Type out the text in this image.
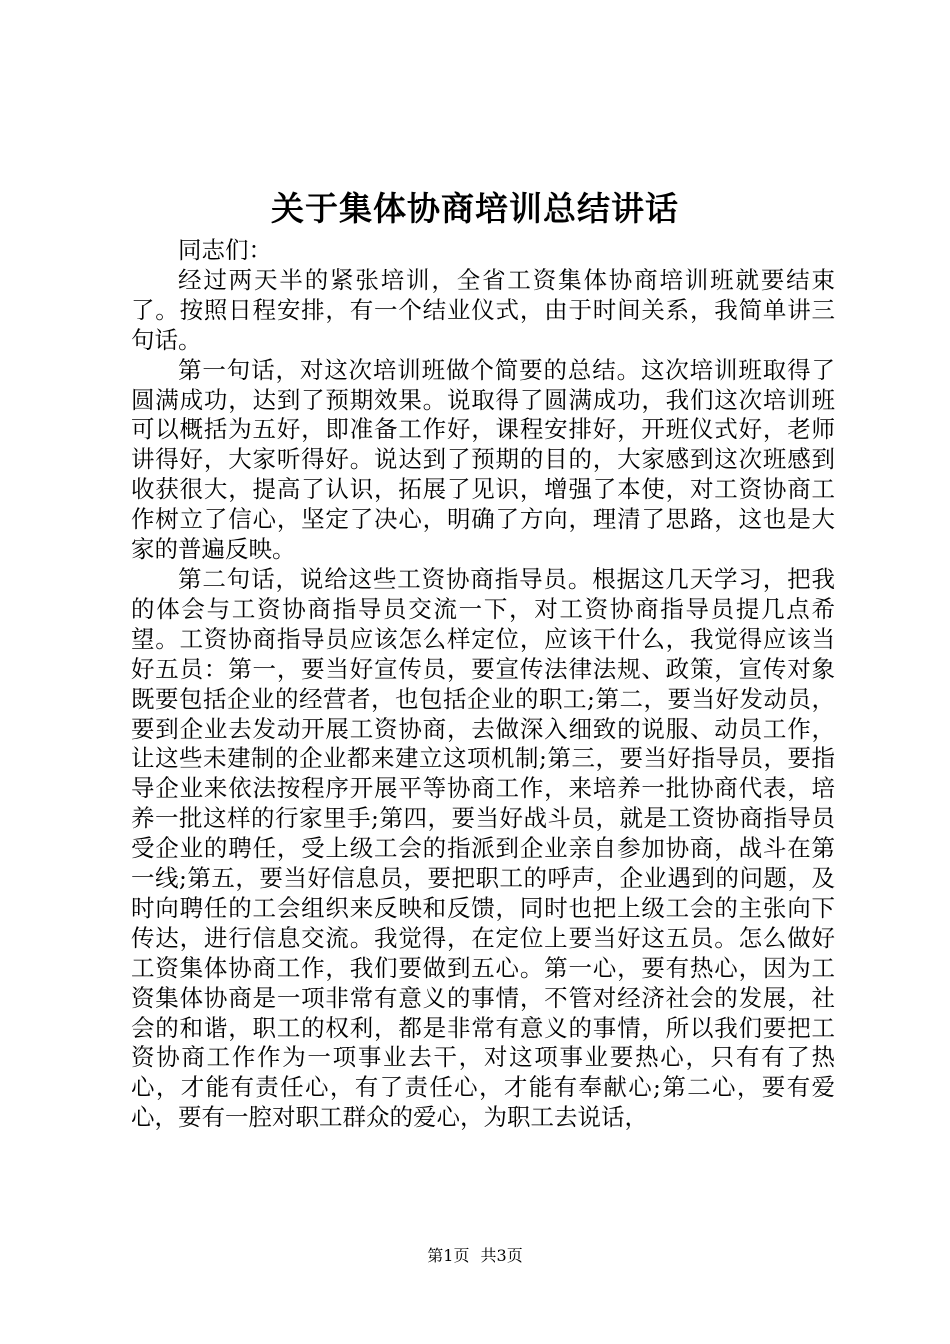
关于集体协商培训总结讲话
同志们：

经过两天半的紧张培训，全省工资集体协商培训班就要结束了。按照日程安排，有一个结业仪式，由于时间关系，我简单讲三句话。

第一句话，对这次培训班做个简要的总结。这次培训班取得了圆满成功，达到了预期效果。说取得了圆满成功，我们这次培训班可以概括为五好，即准备工作好，课程安排好，开班仪式好，老师讲得好，大家听得好。说达到了预期的目的，大家感到这次班感到收获很大，提高了认识，拓展了见识，增强了本使，对工资协商工作树立了信心，坚定了决心，明确了方向，理清了思路，这也是大家的普遍反映。

第二句话，说给这些工资协商指导员。根据这几天学习，把我的体会与工资协商指导员交流一下，对工资协商指导员提几点希望。工资协商指导员应该怎么样定位，应该干什么，我觉得应该当好五员：第一，要当好宣传员，要宣传法律法规、政策，宣传对象既要包括企业的经营者，也包括企业的职工;第二，要当好发动员，要到企业去发动开展工资协商，去做深入细致的说服、动员工作，让这些未建制的企业都来建立这项机制;第三，要当好指导员，要指导企业来依法按程序开展平等协商工作，来培养一批协商代表，培养一批这样的行家里手;第四，要当好战斗员，就是工资协商指导员受企业的聘任，受上级工会的指派到企业亲自参加协商，战斗在第一线;第五，要当好信息员，要把职工的呼声，企业遇到的问题，及时向聘任的工会组织来反映和反馈，同时也把上级工会的主张向下传达，进行信息交流。我觉得，在定位上要当好这五员。怎么做好工资集体协商工作，我们要做到五心。第一心，要有热心，因为工资集体协商是一项非常有意义的事情，不管对经济社会的发展，社会的和谐，职工的权利，都是非常有意义的事情，所以我们要把工资协商工作作为一项事业去干，对这项事业要热心，只有有了热心，才能有责任心，有了责任心，才能有奉献心;第二心，要有爱心，要有一腔对职工群众的爱心，为职工去说话，

第1页 共3页
